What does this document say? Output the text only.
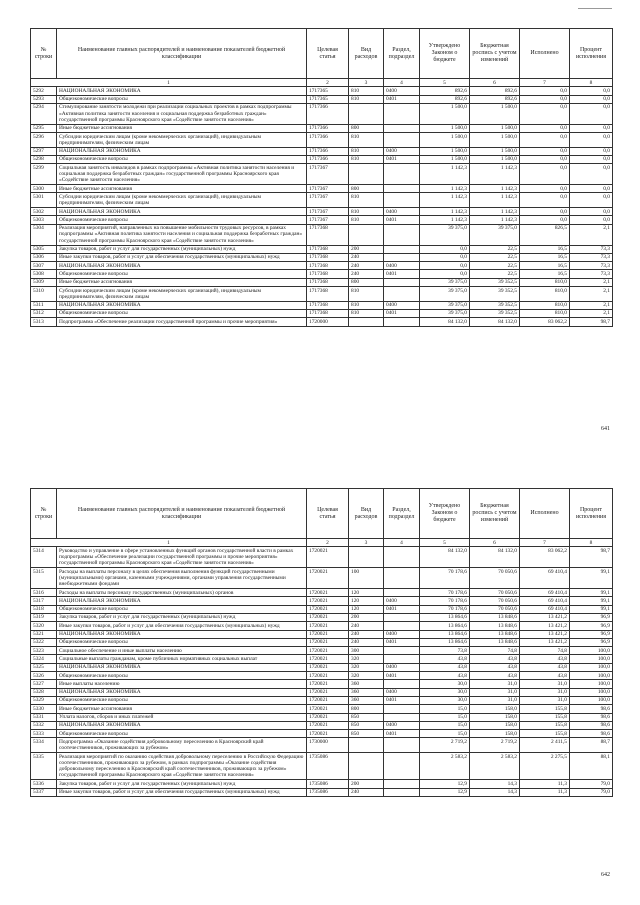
№ строки	Наименование главных распорядителей и наименование показателей бюджетной классификации	Целевая статья	Вид расходов	Раздел, подраздел	Утверждено Законом о бюджете	Бюджетная роспись с учетом изменений	Исполнено	Процент исполнения
1		2	3	4	5	6	7	8
5292	НАЦИОНАЛЬНАЯ ЭКОНОМИКА	1717365	810	0400	892,6	892,6	0,0	0,0
5293	Общеэкономические вопросы	1717365	810	0401	892,6	892,6	0,0	0,0
5294	Стимулирование занятости молодежи при реализации социальных проектов в рамках подпрограммы «Активная политика занятости населения и социальная поддержка безработных граждан» государственной программы Красноярского края «Содействие занятости населения»	1717366			1 500,0	1 500,0	0,0	0,0
5295	Иные бюджетные ассигнования	1717366	800		1 500,0	1 500,0	0,0	0,0
5296	Субсидии юридическим лицам (кроме некоммерческих организаций), индивидуальным предпринимателям, физическим лицам	1717366	810		1 500,0	1 500,0	0,0	0,0
5297	НАЦИОНАЛЬНАЯ ЭКОНОМИКА	1717366	810	0400	1 500,0	1 500,0	0,0	0,0
5298	Общеэкономические вопросы	1717366	810	0401	1 500,0	1 500,0	0,0	0,0
5299	Социальная занятость инвалидов в рамках подпрограммы «Активная политика занятости населения и социальная поддержка безработных граждан» государственной программы Красноярского края «Содействие занятости населения»	1717367			1 142,3	1 142,3	0,0	0,0
5300	Иные бюджетные ассигнования	1717367	800		1 142,3	1 142,3	0,0	0,0
5301	Субсидии юридическим лицам (кроме некоммерческих организаций), индивидуальным предпринимателям, физическим лицам	1717367	810		1 142,3	1 142,3	0,0	0,0
5302	НАЦИОНАЛЬНАЯ ЭКОНОМИКА	1717367	810	0400	1 142,3	1 142,3	0,0	0,0
5303	Общеэкономические вопросы	1717367	810	0401	1 142,3	1 142,3	0,0	0,0
5304	Реализация мероприятий, направленных на повышение мобильности трудовых ресурсов, в рамках подпрограммы «Активная политика занятости населения и социальная поддержка безработных граждан» государственной программы Красноярского края «Содействие занятости населения»	1717368			39 375,0	39 375,0	826,5	2,1
5305	Закупка товаров, работ и услуг для государственных (муниципальных) нужд	1717368	200		0,0	22,5	16,5	73,3
5306	Иные закупки товаров, работ и услуг для обеспечения государственных (муниципальных) нужд	1717368	240		0,0	22,5	16,5	73,3
5307	НАЦИОНАЛЬНАЯ ЭКОНОМИКА	1717368	240	0400	0,0	22,5	16,5	73,3
5308	Общеэкономические вопросы	1717368	240	0401	0,0	22,5	16,5	73,3
5309	Иные бюджетные ассигнования	1717368	800		39 375,0	39 352,5	810,0	2,1
5310	Субсидии юридическим лицам (кроме некоммерческих организаций), индивидуальным предпринимателям, физическим лицам	1717368	810		39 375,0	39 352,5	810,0	2,1
5311	НАЦИОНАЛЬНАЯ ЭКОНОМИКА	1717368	810	0400	39 375,0	39 352,5	810,0	2,1
5312	Общеэкономические вопросы	1717368	810	0401	39 375,0	39 352,5	810,0	2,1
5313	Подпрограмма «Обеспечение реализации государственной программы и прочие мероприятия»	1720000			84 132,0	84 132,0	83 062,2	98,7
641
№ строки	Наименование главных распорядителей и наименование показателей бюджетной классификации	Целевая статья	Вид расходов	Раздел, подраздел	Утверждено Законом о бюджете	Бюджетная роспись с учетом изменений	Исполнено	Процент исполнения
1		2	3	4	5	6	7	8
5314	Руководство и управление в сфере установленных функций органов государственной власти в рамках подпрограммы «Обеспечение реализации государственной программы и прочие мероприятия» государственной программы Красноярского края «Содействие занятости населения»	1720021			84 132,0	84 132,0	83 062,2	98,7
5315	Расходы на выплаты персоналу в целях обеспечения выполнения функций государственными (муниципальными) органами, казенными учреждениями, органами управления государственными внебюджетными фондами	1720021	100		70 178,6	70 050,6	69 410,4	99,1
5316	Расходы на выплаты персоналу государственных (муниципальных) органов	1720021	120		70 178,6	70 050,6	69 410,4	99,1
5317	НАЦИОНАЛЬНАЯ ЭКОНОМИКА	1720021	120	0400	70 178,6	70 050,6	69 410,4	99,1
5318	Общеэкономические вопросы	1720021	120	0401	70 178,6	70 050,6	69 410,4	99,1
5319	Закупка товаров, работ и услуг для государственных (муниципальных) нужд	1720021	200		13 864,6	13 848,6	13 421,2	96,9
5320	Иные закупки товаров, работ и услуг для обеспечения государственных (муниципальных) нужд	1720021	240		13 864,6	13 848,6	13 421,2	96,9
5321	НАЦИОНАЛЬНАЯ ЭКОНОМИКА	1720021	240	0400	13 864,6	13 848,6	13 421,2	96,9
5322	Общеэкономические вопросы	1720021	240	0401	13 864,6	13 848,6	13 421,2	96,9
5323	Социальное обеспечение и иные выплаты населению	1720021	300		73,8	74,8	74,8	100,0
5324	Социальные выплаты гражданам, кроме публичных нормативных социальных выплат	1720021	320		43,8	43,8	43,8	100,0
5325	НАЦИОНАЛЬНАЯ ЭКОНОМИКА	1720021	320	0400	43,8	43,8	43,8	100,0
5326	Общеэкономические вопросы	1720021	320	0401	43,8	43,8	43,8	100,0
5327	Иные выплаты населению	1720021	360		30,0	31,0	31,0	100,0
5328	НАЦИОНАЛЬНАЯ ЭКОНОМИКА	1720021	360	0400	30,0	31,0	31,0	100,0
5329	Общеэкономические вопросы	1720021	360	0401	30,0	31,0	31,0	100,0
5330	Иные бюджетные ассигнования	1720021	800		15,0	158,0	155,8	98,6
5331	Уплата налогов, сборов и иных платежей	1720021	850		15,0	158,0	155,8	98,6
5332	НАЦИОНАЛЬНАЯ ЭКОНОМИКА	1720021	850	0400	15,0	158,0	155,8	98,6
5333	Общеэкономические вопросы	1720021	850	0401	15,0	158,0	155,8	98,6
5334	Подпрограмма «Оказание содействия добровольному переселению в Красноярский край соотечественников, проживающих за рубежом»	1730000			2 719,2	2 719,2	2 411,5	88,7
5335	Реализация мероприятий по оказанию содействия добровольному переселению в Российскую Федерацию соотечественников, проживающих за рубежом, в рамках подпрограммы «Оказание содействия добровольному переселению в Красноярский край соотечественников, проживающих за рубежом» государственной программы Красноярского края «Содействие занятости населения»	1735086			2 583,2	2 583,2	2 275,5	88,1
5336	Закупка товаров, работ и услуг для государственных (муниципальных) нужд	1735086	200		12,9	14,3	11,3	79,0
5337	Иные закупки товаров, работ и услуг для обеспечения государственных (муниципальных) нужд	1735086	240		12,9	14,3	11,3	79,0
642
